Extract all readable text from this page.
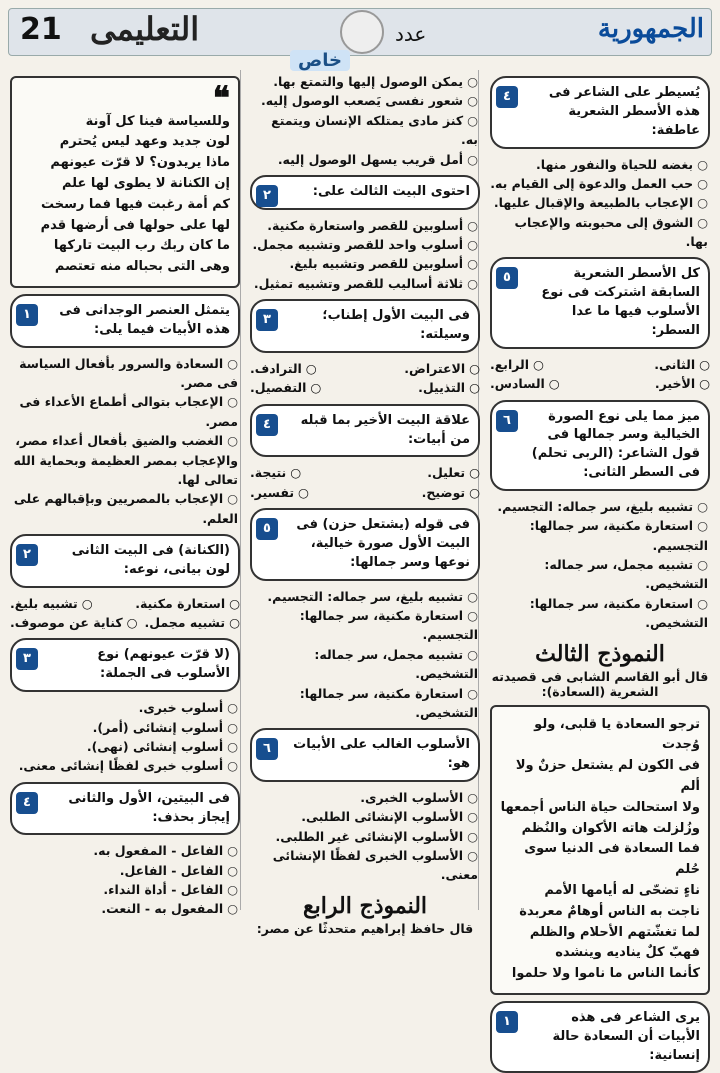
21 التعليمى	عدد
خاص
الجمهورية
٤	يُسيطر على الشاعر فى هذه الأسطر الشعرية عاطفة:
○ بغضه للحياة والنفور منها.
○ حب العمل والدعوة إلى القيام به.
○ الإعجاب بالطبيعة والإقبال عليها.
○ الشوق إلى محبوبته والإعجاب بها.
٥	كل الأسطر الشعرية السابقة اشتركت فى نوع الأسلوب فيها ما عدا السطر:
○ الثانى.
○ الرابع.
○ الأخير.
○ السادس.
٦	ميز مما يلى نوع الصورة الخيالية وسر جمالها فى قول الشاعر: (الربى تحلم) فى السطر الثانى:
○ تشبيه بليغ، سر جماله: التجسيم.
○ استعارة مكنية، سر جمالها: التجسيم.
○ تشبيه مجمل، سر جماله: التشخيص.
○ استعارة مكنية، سر جمالها: التشخيص.
النموذج الثالث
قال أبو القاسم الشابى فى قصيدته الشعرية (السعادة):
ترجو السعادة يا قلبى، ولو وُجدت
فى الكون لم يشتعل حزنٌ ولا ألم
ولا استحالت حياة الناس أجمعها
وزُلزلت هاته الأكوان والنُظم
فما السعادة فى الدنيا سوى حُلم
ناءٍ تضحّى له أيامها الأمم
ناجت به الناس أوهامٌ معربدة
لما تغشّتهم الأحلام والظلم
فهبّ كلٌ يناديه وينشده
كأنما الناس ما ناموا ولا حلموا
١	يرى الشاعر فى هذه الأبيات أن السعادة حالة إنسانية:
○ يمكن الوصول إليها والتمتع بها.
○ شعور نفسى يَصعب الوصول إليه.
○ كنز مادى يمتلكه الإنسان ويتمتع به.
○ أمل قريب يسهل الوصول إليه.
٢	احتوى البيت الثالث على:
○ أسلوبين للقصر واستعارة مكنية.
○ أسلوب واحد للقصر وتشبيه مجمل.
○ أسلوبين للقصر وتشبيه بليغ.
○ ثلاثة أساليب للقصر وتشبيه تمثيل.
٣	فى البيت الأول إطناب؛ وسيلته:
○ الاعتراض.
○ الترادف.
○ التذييل.
○ التفصيل.
٤	علاقة البيت الأخير بما قبله من أبيات:
○ تعليل.
○ نتيجة.
○ توضيح.
○ تفسير.
٥	فى قوله (يشتعل حزن) فى البيت الأول صورة خيالية، نوعها وسر جمالها:
○ تشبيه بليغ، سر جماله: التجسيم.
○ استعارة مكنية، سر جمالها: التجسيم.
○ تشبيه مجمل، سر جماله: التشخيص.
○ استعارة مكنية، سر جمالها: التشخيص.
٦	الأسلوب الغالب على الأبيات هو:
○ الأسلوب الخبرى.
○ الأسلوب الإنشائى الطلبى.
○ الأسلوب الإنشائى غير الطلبى.
○ الأسلوب الخبرى لفظًا الإنشائى معنى.
النموذج الرابع
قال حافظ إبراهيم متحدثًا عن مصر:
❝
وللسياسة فينا كل آونة
لون جديد وعهد ليس يُحترم
ماذا يريدون؟ لا قرّت عيونهم
إن الكنانة لا يطوى لها علم
كم أمة رغبت فيها فما رسخت
لها على حولها فى أرضها قدم
ما كان ربك رب البيت تاركها
وهى التى بحباله منه تعتصم
١	يتمثل العنصر الوجدانى فى هذه الأبيات فيما يلى:
○ السعادة والسرور بأفعال السياسة فى مصر.
○ الإعجاب بتوالى أطماع الأعداء فى مصر.
○ الغضب والضيق بأفعال أعداء مصر، والإعجاب بمصر العظيمة وبحماية الله تعالى لها.
○ الإعجاب بالمصريين وبإقبالهم على العلم.
٢	(الكنانة) فى البيت الثانى لون بيانى، نوعه:
○ استعارة مكنية.
○ تشبيه بليغ.
○ تشبيه مجمل.
○ كناية عن موصوف.
٣	(لا قرّت عيونهم) نوع الأسلوب فى الجملة:
○ أسلوب خبرى.
○ أسلوب إنشائى (أمر).
○ أسلوب إنشائى (نهى).
○ أسلوب خبرى لفظًا إنشائى معنى.
٤	فى البيتين، الأول والثانى إيجاز بحذف:
○ الفاعل - المفعول به.
○ الفاعل - الفاعل.
○ الفاعل - أداة النداء.
○ المفعول به - النعت.
